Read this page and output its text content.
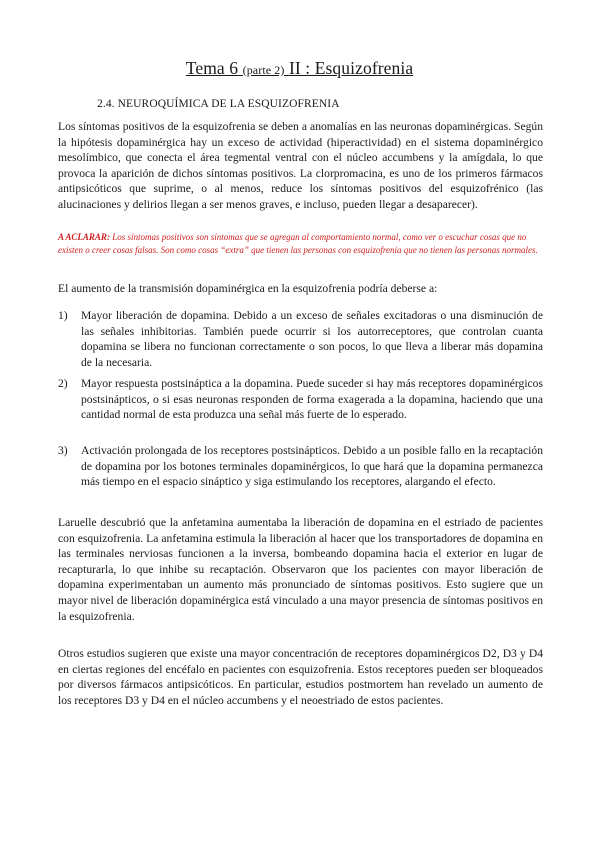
Tema 6 (parte 2) II : Esquizofrenia
2.4. NEUROQUÍMICA DE LA ESQUIZOFRENIA

Los síntomas positivos de la esquizofrenia se deben a anomalías en las neuronas dopaminérgicas. Según la hipótesis dopaminérgica hay un exceso de actividad (hiperactividad) en el sistema dopaminérgico mesolímbico, que conecta el área tegmental ventral con el núcleo accumbens y la amígdala, lo que provoca la aparición de dichos síntomas positivos. La clorpromacina, es uno de los primeros fármacos antipsicóticos que suprime, o al menos, reduce los síntomas positivos del esquizofrénico (las alucinaciones y delirios llegan a ser menos graves, e incluso, pueden llegar a desaparecer).

A ACLARAR: Los síntomas positivos son síntomas que se agregan al comportamiento normal, como ver o escuchar cosas que no existen o creer cosas falsas. Son como cosas “extra” que tienen las personas con esquizofrenia que no tienen las personas normales.

El aumento de la transmisión dopaminérgica en la esquizofrenia podría deberse a:

1)	Mayor liberación de dopamina. Debido a un exceso de señales excitadoras o una disminución de las señales inhibitorias. También puede ocurrir si los autorreceptores, que controlan cuanta dopamina se libera no funcionan correctamente o son pocos, lo que lleva a liberar más dopamina de la necesaria.

2)	Mayor respuesta postsináptica a la dopamina. Puede suceder si hay más receptores dopaminérgicos postsinápticos, o si esas neuronas responden de forma exagerada a la dopamina, haciendo que una cantidad normal de esta produzca una señal más fuerte de lo esperado.

3)	Activación prolongada de los receptores postsinápticos. Debido a un posible fallo en la recaptación de dopamina por los botones terminales dopaminérgicos, lo que hará que la dopamina permanezca más tiempo en el espacio sináptico y siga estimulando los receptores, alargando el efecto.

Laruelle descubrió que la anfetamina aumentaba la liberación de dopamina en el estriado de pacientes con esquizofrenia. La anfetamina estimula la liberación al hacer que los transportadores de dopamina en las terminales nerviosas funcionen a la inversa, bombeando dopamina hacia el exterior en lugar de recapturarla, lo que inhibe su recaptación. Observaron que los pacientes con mayor liberación de dopamina experimentaban un aumento más pronunciado de síntomas positivos. Esto sugiere que un mayor nivel de liberación dopaminérgica está vinculado a una mayor presencia de síntomas positivos en la esquizofrenia.

Otros estudios sugieren que existe una mayor concentración de receptores dopaminérgicos D2, D3 y D4 en ciertas regiones del encéfalo en pacientes con esquizofrenia. Estos receptores pueden ser bloqueados por diversos fármacos antipsicóticos. En particular, estudios postmortem han revelado un aumento de los receptores D3 y D4 en el núcleo accumbens y el neoestriado de estos pacientes.
